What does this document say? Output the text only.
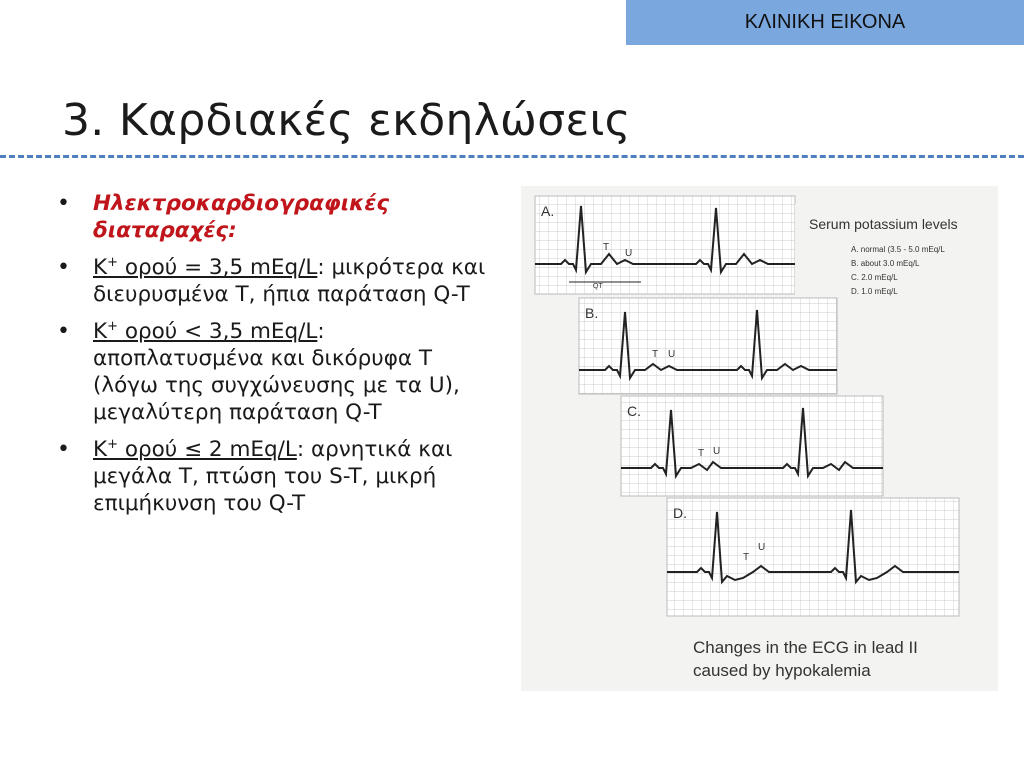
ΚΛΙΝΙΚΗ ΕΙΚΟΝΑ
3. Καρδιακές εκδηλώσεις
• Ηλεκτροκαρδιογραφικές διαταραχές:
• K+ ορού = 3,5 mEq/L: μικρότερα και διευρυσμένα T, ήπια παράταση Q-T
• K+ ορού < 3,5 mEq/L: αποπλατυσμένα και δικόρυφα T (λόγω της συγχώνευσης με τα U), μεγαλύτερη παράταση Q-T
• K+ ορού ≤ 2 mEq/L: αρνητικά και μεγάλα T, πτώση του S-T, μικρή επιμήκυνση του Q-T
A.
T
U
QT
Serum potassium levels
A. normal (3.5 - 5.0 mEq/L
B. about 3.0 mEq/L
C. 2.0 mEq/L
D. 1.0 mEq/L
B.
T U
C.
T U
D.
T
U
Changes in the ECG in lead II
caused by hypokalemia
